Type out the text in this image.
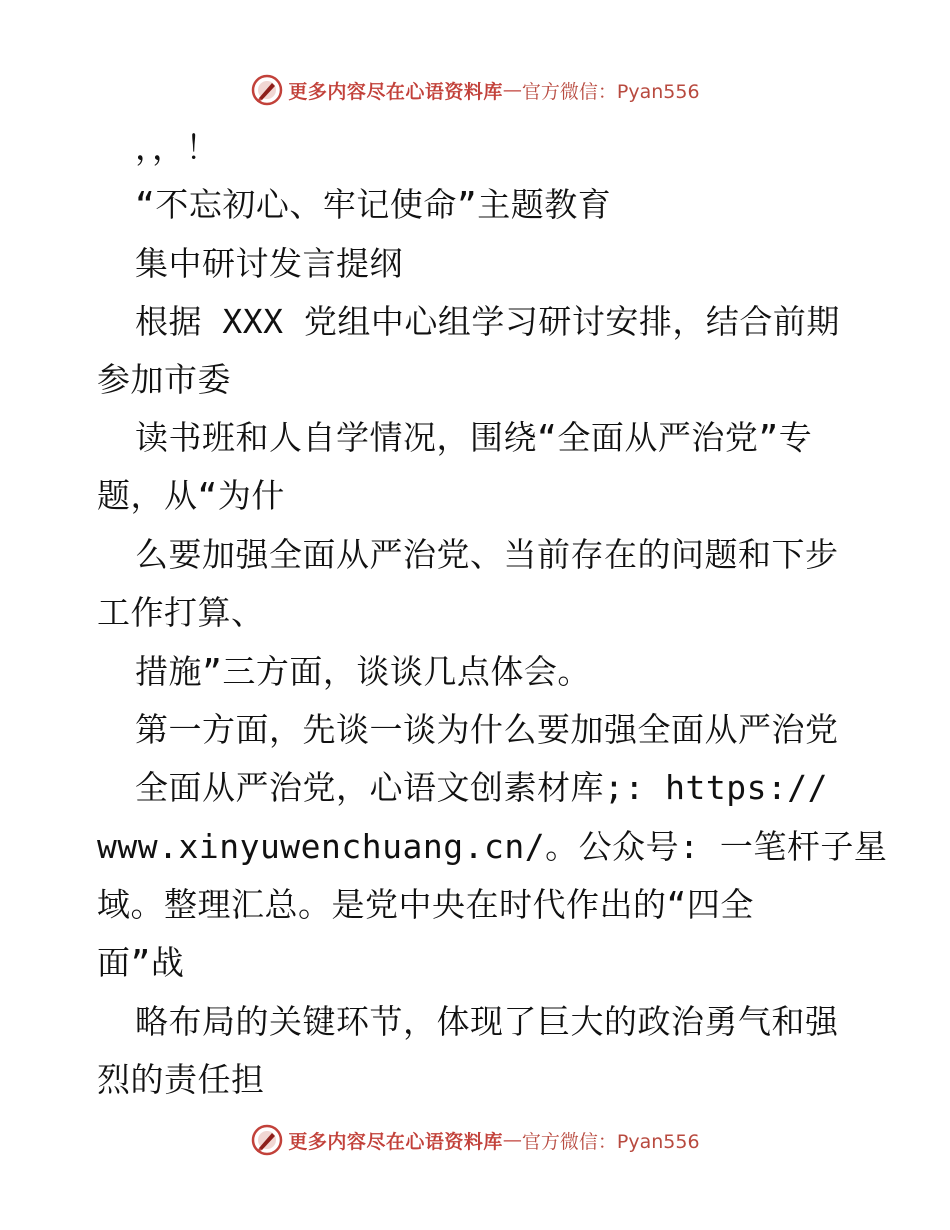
更多内容尽在心语资料库 — 官方微信：Pyan556
，，！
“不忘初心、牢记使命”主题教育
集中研讨发言提纲
根据 XXX 党组中心组学习研讨安排，结合前期
参加市委
读书班和人自学情况，围绕“全面从严治党”专
题，从“为什
么要加强全面从严治党、当前存在的问题和下步
工作打算、
措施”三方面，谈谈几点体会。
第一方面，先谈一谈为什么要加强全面从严治党
全面从严治党，心语文创素材库;: https://
www.xinyuwenchuang.cn/。公众号: 一笔杆子星
域。整理汇总。是党中央在时代作出的“四全
面”战
略布局的关键环节，体现了巨大的政治勇气和强
烈的责任担
更多内容尽在心语资料库 — 官方微信：Pyan556
